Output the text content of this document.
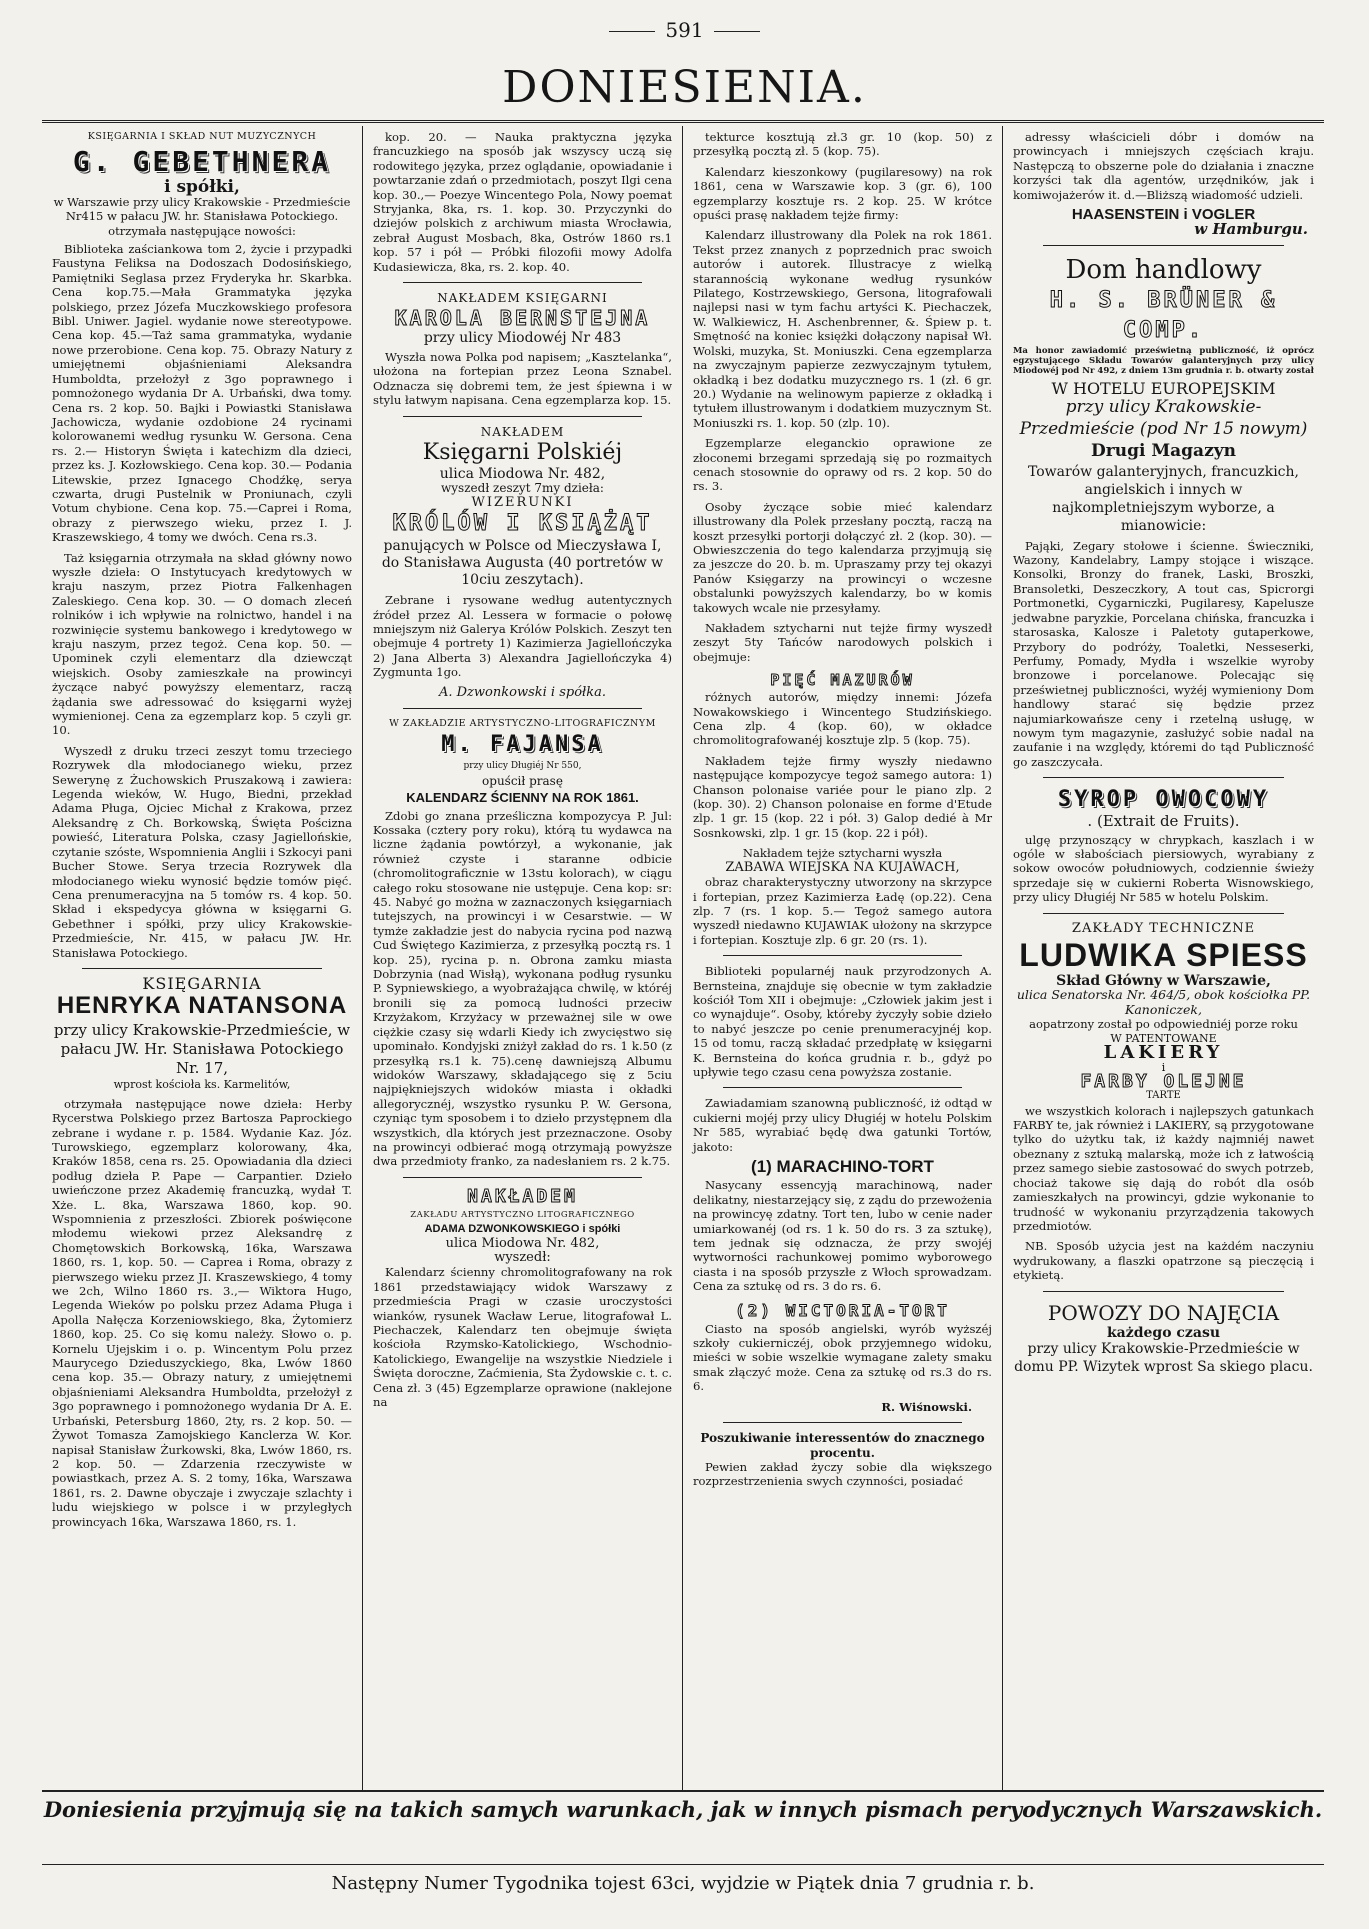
591
DONIESIENIA.
KSIĘGARNIA I SKŁAD NUT MUZYCZNYCH
G. GEBETHNERA
i spółki,
w Warszawie przy ulicy Krakowskie - Przedmieście Nr415 w pałacu JW. hr. Stanisława Potockiego.
otrzymała następujące nowości:

Biblioteka zaściankowa tom 2, życie i przypadki Faustyna Feliksa na Dodoszach Dodosińskiego, Pamiętniki Seglasa przez Fryderyka hr. Skarbka. Cena kop.75.—Mała Grammatyka języka polskiego, przez Józefa Muczkowskiego profesora Bibl. Uniwer. Jagiel. wydanie nowe stereotypowe. Cena kop. 45.—Taż sama grammatyka, wydanie nowe przerobione. Cena kop. 75. Obrazy Natury z umiejętnemi objaśnieniami Aleksandra Humboldta, przełożył z 3go poprawnego i pomnożonego wydania Dr A. Urbański, dwa tomy. Cena rs. 2 kop. 50. Bajki i Powiastki Stanisława Jachowicza, wydanie ozdobione 24 rycinami kolorowanemi według rysunku W. Gersona. Cena rs. 2.— Historyn Święta i katechizm dla dzieci, przez ks. J. Kozłowskiego. Cena kop. 30.— Podania Litewskie, przez Ignacego Chodźkę, serya czwarta, drugi Pustelnik w Proniunach, czyli Votum chybione. Cena kop. 75.—Caprei i Roma, obrazy z pierwszego wieku, przez I. J. Kraszewskiego, 4 tomy we dwóch. Cena rs.3.

Taż księgarnia otrzymała na skład główny nowo wyszłe dzieła: O Instytucyach kredytowych w kraju naszym, przez Piotra Falkenhagen Zaleskiego. Cena kop. 30. — O domach zleceń rolników i ich wpływie na rolnictwo, handel i na rozwinięcie systemu bankowego i kredytowego w kraju naszym, przez tegoż. Cena kop. 50. — Upominek czyli elementarz dla dziewcząt wiejskich. Osoby zamieszkałe na prowincyi życzące nabyć powyższy elementarz, raczą żądania swe adressować do księgarni wyżej wymienionej. Cena za egzemplarz kop. 5 czyli gr. 10.

Wyszedł z druku trzeci zeszyt tomu trzeciego Rozrywek dla młodocianego wieku, przez Sewerynę z Żuchowskich Pruszakową i zawiera: Legenda wieków, W. Hugo, Biedni, przekład Adama Pługa, Ojciec Michał z Krakowa, przez Aleksandrę z Ch. Borkowską, Święta Pościzna powieść, Literatura Polska, czasy Jagiellońskie, czytanie szóste, Wspomnienia Anglii i Szkocyi pani Bucher Stowe. Serya trzecia Rozrywek dla młodocianego wieku wynosić będzie tomów pięć. Cena prenumeracyjna na 5 tomów rs. 4 kop. 50. Skład i ekspedycya główna w księgarni G. Gebethner i spółki, przy ulicy Krakowskie-Przedmieście, Nr. 415, w pałacu JW. Hr. Stanisława Potockiego.

KSIĘGARNIA
HENRYKA NATANSONA
przy ulicy Krakowskie-Przedmieście, w pałacu JW. Hr. Stanisława Potockiego Nr. 17,
wprost kościoła ks. Karmelitów,

otrzymała następujące nowe dzieła: Herby Rycerstwa Polskiego przez Bartosza Paprockiego zebrane i wydane r. p. 1584. Wydanie Kaz. Józ. Turowskiego, egzemplarz kolorowany, 4ka, Kraków 1858, cena rs. 25. Opowiadania dla dzieci podług dzieła P. Pape — Carpantier. Dzieło uwieńczone przez Akademię francuzką, wydał T. Xże. L. 8ka, Warszawa 1860, kop. 90. Wspomnienia z przeszłości. Zbiorek poświęcone młodemu wiekowi przez Aleksandrę z Chomętowskich Borkowską, 16ka, Warszawa 1860, rs. 1, kop. 50. — Caprea i Roma, obrazy z pierwszego wieku przez JI. Kraszewskiego, 4 tomy we 2ch, Wilno 1860 rs. 3.,— Wiktora Hugo, Legenda Wieków po polsku przez Adama Pługa i Apolla Nałęcza Korzeniowskiego, 8ka, Żytomierz 1860, kop. 25. Co się komu należy. Słowo o. p. Kornelu Ujejskim i o. p. Wincentym Polu przez Maurycego Dzieduszyckiego, 8ka, Lwów 1860 cena kop. 35.— Obrazy natury, z umiejętnemi objaśnieniami Aleksandra Humboldta, przełożył z 3go poprawnego i pomnożonego wydania Dr A. E. Urbański, Petersburg 1860, 2ty, rs. 2 kop. 50. — Żywot Tomasza Zamojskiego Kanclerza W. Kor. napisał Stanisław Żurkowski, 8ka, Lwów 1860, rs. 2 kop. 50. — Zdarzenia rzeczywiste w powiastkach, przez A. S. 2 tomy, 16ka, Warszawa 1861, rs. 2. Dawne obyczaje i zwyczaje szlachty i ludu wiejskiego w polsce i w przyległych prowincyach 16ka, Warszawa 1860, rs. 1.

kop. 20. — Nauka praktyczna języka francuzkiego na sposób jak wszyscy uczą się rodowitego języka, przez oglądanie, opowiadanie i powtarzanie zdań o przedmiotach, poszyt Ilgi cena kop. 30.,— Poezye Wincentego Pola, Nowy poemat Stryjanka, 8ka, rs. 1. kop. 30. Przyczynki do dziejów polskich z archiwum miasta Wrocławia, zebrał August Mosbach, 8ka, Ostrów 1860 rs.1 kop. 57 i pół — Próbki filozofii mowy Adolfa Kudasiewicza, 8ka, rs. 2. kop. 40.

NAKŁADEM KSIĘGARNI
KAROLA BERNSTEJNA
przy ulicy Miodowéj Nr 483

Wyszła nowa Polka pod napisem; „Kasztelanka“, ułożona na fortepian przez Leona Sznabel. Odznacza się dobremi tem, że jest śpiewna i w stylu łatwym napisana. Cena egzemplarza kop. 15.

NAKŁADEM
Księgarni Polskiéj
ulica Miodowa Nr. 482,
wyszedł zeszyt 7my dzieła:
WIZERUNKI
KRÓLÓW I KSIĄŻĄT
panujących w Polsce od Mieczysława I, do Stanisława Augusta (40 portretów w 10ciu zeszytach).

Zebrane i rysowane według autentycznych źródeł przez Al. Lessera w formacie o połowę mniejszym niż Galerya Królów Polskich. Zeszyt ten obejmuje 4 portrety 1) Kazimierza Jagiellończyka 2) Jana Alberta 3) Alexandra Jagiellończyka 4) Zygmunta 1go.

A. Dzwonkowski i spółka.
W ZAKŁADZIE ARTYSTYCZNO-LITOGRAFICZNYM
M. FAJANSA
przy ulicy Długiéj Nr 550,
opuścił prasę
KALENDARZ ŚCIENNY NA ROK 1861.

Zdobi go znana prześliczna kompozycya P. Jul: Kossaka (cztery pory roku), którą tu wydawca na liczne żądania powtórzył, a wykonanie, jak również czyste i staranne odbicie (chromolitograficznie w 13stu kolorach), w ciągu całego roku stosowane nie ustępuje. Cena kop: sr: 45. Nabyć go można w zaznaczonych księgarniach tutejszych, na prowincyi i w Cesarstwie. — W tymże zakładzie jest do nabycia rycina pod nazwą Cud Świętego Kazimierza, z przesyłką pocztą rs. 1 kop. 25), rycina p. n. Obrona zamku miasta Dobrzynia (nad Wisłą), wykonana podług rysunku P. Sypniewskiego, a wyobrażająca chwilę, w któréj bronili się za pomocą ludności przeciw Krzyżakom, Krzyżacy w przeważnej sile w owe ciężkie czasy się wdarli Kiedy ich zwycięstwo się upominało. Kondyjski zniżył zakład do rs. 1 k.50 (z przesyłką rs.1 k. 75).cenę dawniejszą Albumu widoków Warszawy, składającego się z 5ciu najpiękniejszych widoków miasta i okładki allegorycznéj, wszystko rysunku P. W. Gersona, czyniąc tym sposobem i to dzieło przystępnem dla wszystkich, dla których jest przeznaczone. Osoby na prowincyi odbierać mogą otrzymają powyższe dwa przedmioty franko, za nadesłaniem rs. 2 k.75.

NAKŁADEM
ZAKŁADU ARTYSTYCZNO LITOGRAFICZNEGO
ADAMA DZWONKOWSKIEGO i spółki
ulica Miodowa Nr. 482,
wyszedł:

Kalendarz ścienny chromolitografowany na rok 1861 przedstawiający widok Warszawy z przedmieścia Pragi w czasie uroczystości wianków, rysunek Wacław Lerue, litografował L. Piechaczek, Kalendarz ten obejmuje święta kościoła Rzymsko-Katolickiego, Wschodnio-Katolickiego, Ewangelije na wszystkie Niedziele i Święta doroczne, Zaćmienia, Sta Żydowskie c. t. c. Cena zł. 3 (45) Egzemplarze oprawione (naklejone na

tekturce kosztują zł.3 gr. 10 (kop. 50) z przesyłką pocztą zł. 5 (kop. 75).

Kalendarz kieszonkowy (pugilaresowy) na rok 1861, cena w Warszawie kop. 3 (gr. 6), 100 egzemplarzy kosztuje rs. 2 kop. 25. W krótce opuści prasę nakładem tejże firmy:

Kalendarz illustrowany dla Polek na rok 1861. Tekst przez znanych z poprzednich prac swoich autorów i autorek. Illustracye z wielką starannością wykonane według rysunków Pilatego, Kostrzewskiego, Gersona, litografowali najlepsi nasi w tym fachu artyści K. Piechaczek, W. Walkiewicz, H. Aschenbrenner, &. Śpiew p. t. Smętność na koniec księżki dołączony napisał Wł. Wolski, muzyka, St. Moniuszki. Cena egzemplarza na zwyczajnym papierze zezwyczajnym tytułem, okładką i bez dodatku muzycznego rs. 1 (zł. 6 gr. 20.) Wydanie na welinowym papierze z okładką i tytułem illustrowanym i dodatkiem muzycznym St. Moniuszki rs. 1. kop. 50 (zlp. 10).

Egzemplarze eleganckio oprawione ze złoconemi brzegami sprzedają się po rozmaitych cenach stosownie do oprawy od rs. 2 kop. 50 do rs. 3.

Osoby życzące sobie mieć kalendarz illustrowany dla Polek przesłany pocztą, raczą na koszt przesyłki portorji dołączyć zł. 2 (kop. 30). — Obwieszczenia do tego kalendarza przyjmują się za jeszcze do 20. b. m. Upraszamy przy tej okazyi Panów Księgarzy na prowincyi o wczesne obstalunki powyższych kalendarzy, bo w komis takowych wcale nie przesyłamy.

Nakładem sztycharni nut tejże firmy wyszedł zeszyt 5ty Tańców narodowych polskich i obejmuje:

PIĘĆ MAZURÓW

różnych autorów, między innemi: Józefa Nowakowskiego i Wincentego Studzińskiego. Cena zlp. 4 (kop. 60), w okładce chromolitografowanéj kosztuje zlp. 5 (kop. 75).

Nakładem tejże firmy wyszły niedawno następujące kompozycye tegoż samego autora: 1) Chanson polonaise variée pour le piano zlp. 2 (kop. 30). 2) Chanson polonaise en forme d'Etude zlp. 1 gr. 15 (kop. 22 i pół. 3) Galop dedié à Mr Sosnkowski, zlp. 1 gr. 15 (kop. 22 i pół).

Nakładem tejże sztycharni wyszła
ZABAWA WIEJSKA NA KUJAWACH,

obraz charakterystyczny utworzony na skrzypce i fortepian, przez Kazimierza Ładę (op.22). Cena zlp. 7 (rs. 1 kop. 5.— Tegoż samego autora wyszedł niedawno KUJAWIAK ułożony na skrzypce i fortepian. Kosztuje zlp. 6 gr. 20 (rs. 1).

Biblioteki popularnéj nauk przyrodzonych A. Bernsteina, znajduje się obecnie w tym zakładzie kościół Tom XII i obejmuje: „Człowiek jakim jest i co wynajduje“. Osoby, któreby życzyły sobie dzieło to nabyć jeszcze po cenie prenumeracyjnéj kop. 15 od tomu, raczą składać przedpłatę w księgarni K. Bernsteina do końca grudnia r. b., gdyż po upływie tego czasu cena powyższa zostanie.

Zawiadamiam szanowną publiczność, iż odtąd w cukierni mojéj przy ulicy Długiéj w hotelu Polskim Nr 585, wyrabiać będę dwa gatunki Tortów, jakoto:

(1) MARACHINO-TORT

Nasycany essencyją marachinową, nader delikatny, niestarzejący się, z ządu do przewożenia na prowincyę zdatny. Tort ten, lubo w cenie nader umiarkowanéj (od rs. 1 k. 50 do rs. 3 za sztukę), tem jednak się odznacza, że przy swojéj wytworności rachunkowej pomimo wyborowego ciasta i na sposób przyszłe z Włoch sprowadzam. Cena za sztukę od rs. 3 do rs. 6.

(2) WICTORIA-TORT

Ciasto na sposób angielski, wyrób wyższéj szkoły cukierniczéj, obok przyjemnego widoku, mieści w sobie wszelkie wymagane zalety smaku smak złączyć może. Cena za sztukę od rs.3 do rs. 6.

R. Wiśnowski.
Poszukiwanie interessentów do znacznego procentu.

Pewien zakład życzy sobie dla większego rozprzestrzenienia swych czynności, posiadać

adressy właścicieli dóbr i domów na prowincyach i mniejszych częściach kraju. Następczą to obszerne pole do działania i znaczne korzyści tak dla agentów, urzędników, jak i komiwojażerów it. d.—Bliższą wiadomość udzieli.

HAASENSTEIN i VOGLER
w Hamburgu.
Dom handlowy
H. S. BRÜNER & COMP.
Ma honor zawiadomić prześwietną publiczność, iż oprócz egzystującego Składu Towarów galanteryjnych przy ulicy Miodowéj pod Nr 492, z dniem 13m grudnia r. b. otwarty został
W HOTELU EUROPEJSKIM
przy ulicy Krakowskie-Przedmieście (pod Nr 15 nowym)
Drugi Magazyn
Towarów galanteryjnych, francuzkich, angielskich i innych w najkompletniejszym wyborze, a mianowicie:

Pająki, Zegary stołowe i ścienne. Świeczniki, Wazony, Kandelabry, Lampy stojące i wiszące. Konsolki, Bronzy do franek, Laski, Broszki, Bransoletki, Deszeczkory, A tout cas, Spicrorgi Portmonetki, Cygarniczki, Pugilaresy, Kapelusze jedwabne paryzkie, Porcelana chińska, francuzka i starosaska, Kalosze i Paletoty gutaperkowe, Przybory do podróży, Toaletki, Nesseserki, Perfumy, Pomady, Mydła i wszelkie wyroby bronzowe i porcelanowe. Polecając się prześwietnej publiczności, wyżéj wymieniony Dom handlowy starać się będzie przez najumiarkowańsze ceny i rzetelną usługę, w nowym tym magazynie, zasłużyć sobie nadal na zaufanie i na względy, któremi do tąd Publiczność go zaszczycała.

SYROP OWOCOWY
. (Extrait de Fruits).

ulgę przynoszący w chrypkach, kaszlach i w ogóle w słabościach piersiowych, wyrabiany z sokow owoców południowych, codziennie świeży sprzedaje się w cukierni Roberta Wisnowskiego, przy ulicy Długiéj Nr 585 w hotelu Polskim.

ZAKŁADY TECHNICZNE
LUDWIKA SPIESS
Skład Główny w Warszawie,
ulica Senatorska Nr. 464/5, obok kościołka PP. Kanoniczek,
aopatrzony został po odpowiedniéj porze roku
W PATENTOWANE
LAKIERY
i
FARBY OLEJNE
TARTE

we wszystkich kolorach i najlepszych gatunkach FARBY te, jak również i LAKIERY, są przygotowane tylko do użytku tak, iż każdy najmniéj nawet obeznany z sztuką malarską, może ich z łatwością przez samego siebie zastosować do swych potrzeb, chociaż takowe się dają do robót dla osób zamieszkałych na prowincyi, gdzie wykonanie to trudność w wykonaniu przyrządzenia takowych przedmiotów.

NB. Sposób użycia jest na każdém naczyniu wydrukowany, a flaszki opatrzone są pieczęcią i etykietą.

POWOZY DO NAJĘCIA
każdego czasu
przy ulicy Krakowskie-Przedmieście w domu PP. Wizytek wprost Sa skiego placu.
Doniesienia przyjmują się na takich samych warunkach, jak w innych pismach peryodycznych Warszawskich.
Następny Numer Tygodnika tojest 63ci, wyjdzie w Piątek dnia 7 grudnia r. b.
